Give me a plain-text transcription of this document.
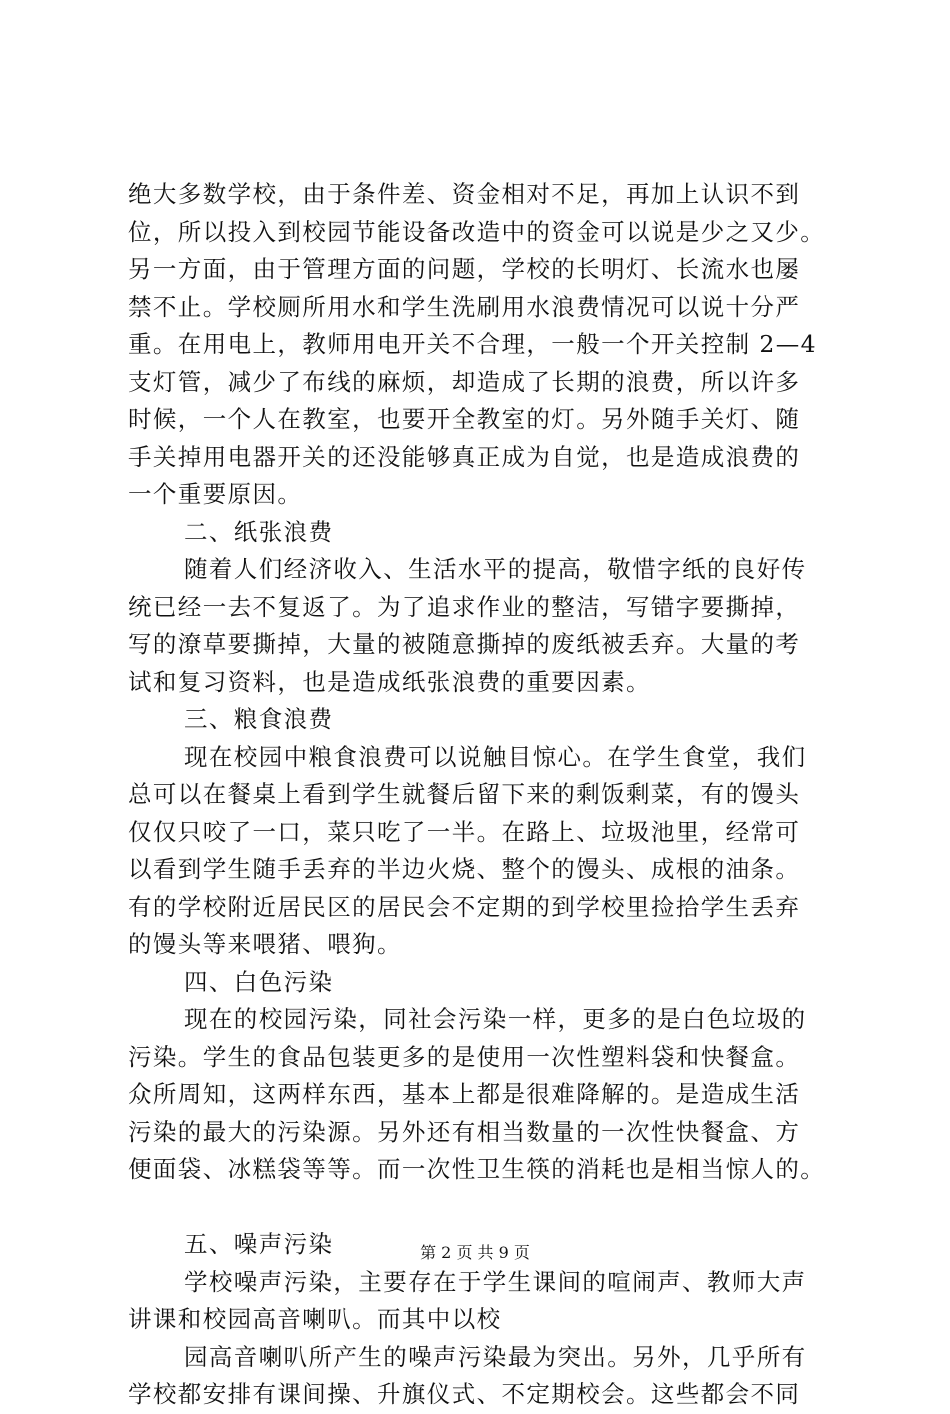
绝大多数学校，由于条件差、资金相对不足，再加上认识不到
位，所以投入到校园节能设备改造中的资金可以说是少之又少。
另一方面，由于管理方面的问题，学校的长明灯、长流水也屡
禁不止。学校厕所用水和学生洗刷用水浪费情况可以说十分严
重。在用电上，教师用电开关不合理，一般一个开关控制 2—4
支灯管，减少了布线的麻烦，却造成了长期的浪费，所以许多
时候，一个人在教室，也要开全教室的灯。另外随手关灯、随
手关掉用电器开关的还没能够真正成为自觉，也是造成浪费的
一个重要原因。
二、纸张浪费
随着人们经济收入、生活水平的提高，敬惜字纸的良好传
统已经一去不复返了。为了追求作业的整洁，写错字要撕掉，
写的潦草要撕掉，大量的被随意撕掉的废纸被丢弃。大量的考
试和复习资料，也是造成纸张浪费的重要因素。
三、粮食浪费
现在校园中粮食浪费可以说触目惊心。在学生食堂，我们
总可以在餐桌上看到学生就餐后留下来的剩饭剩菜，有的馒头
仅仅只咬了一口，菜只吃了一半。在路上、垃圾池里，经常可
以看到学生随手丢弃的半边火烧、整个的馒头、成根的油条。
有的学校附近居民区的居民会不定期的到学校里捡拾学生丢弃
的馒头等来喂猪、喂狗。
四、白色污染
现在的校园污染，同社会污染一样，更多的是白色垃圾的
污染。学生的食品包装更多的是使用一次性塑料袋和快餐盒。
众所周知，这两样东西，基本上都是很难降解的。是造成生活
污染的最大的污染源。另外还有相当数量的一次性快餐盒、方
便面袋、冰糕袋等等。而一次性卫生筷的消耗也是相当惊人的。
五、噪声污染
学校噪声污染，主要存在于学生课间的喧闹声、教师大声
讲课和校园高音喇叭。而其中以校
园高音喇叭所产生的噪声污染最为突出。另外，几乎所有
学校都安排有课间操、升旗仪式、不定期校会。这些都会不同
第 2 页 共 9 页
